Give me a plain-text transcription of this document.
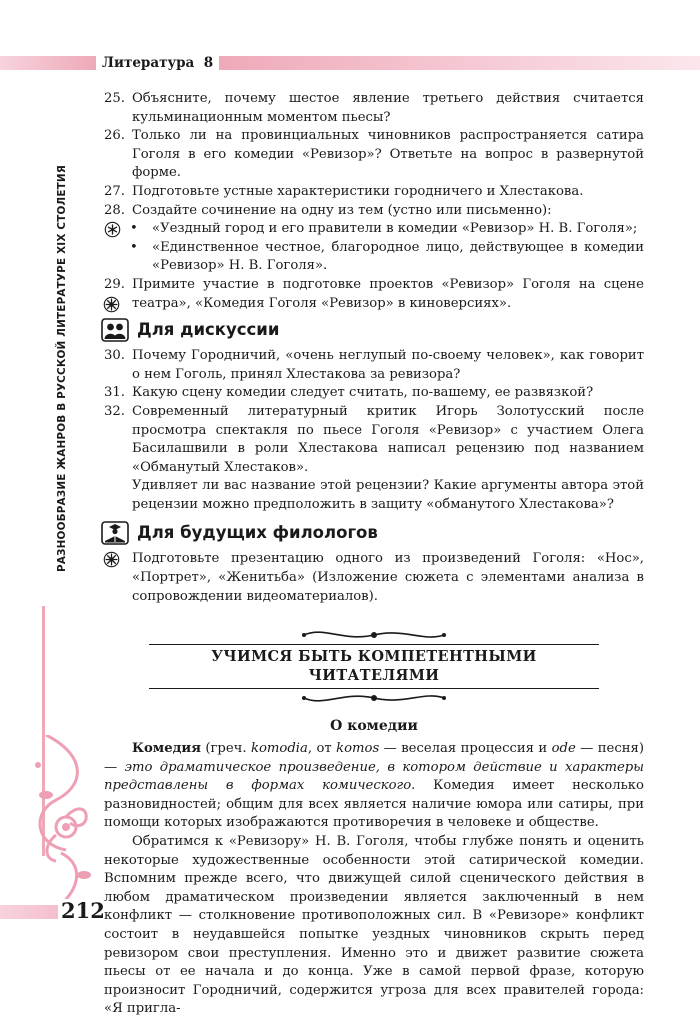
Литература 8
РАЗНООБРАЗИЕ ЖАНРОВ В РУССКОЙ ЛИТЕРАТУРЕ XIX СТОЛЕТИЯ
212
25. Объясните, почему шестое явление третьего действия считается кульминационным моментом пьесы?
26. Только ли на провинциальных чиновников распространяется сатира Гоголя в его комедии «Ревизор»? Ответьте на вопрос в развернутой форме.
27. Подготовьте устные характеристики городничего и Хлестакова.
28. Создайте сочинение на одну из тем (устно или письменно):
•	«Уездный город и его правители в комедии «Ревизор» Н. В. Гоголя»;
•	«Единственное честное, благородное лицо, действующее в комедии «Ревизор» Н. В. Гоголя».
29. Примите участие в подготовке проектов «Ревизор» Гоголя на сцене театра», «Комедия Гоголя «Ревизор» в киноверсиях».
Для дискуссии
30. Почему Городничий, «очень неглупый по-своему человек», как говорит о нем Гоголь, принял Хлестакова за ревизора?
31. Какую сцену комедии следует считать, по-вашему, ее развязкой?
32. Современный литературный критик Игорь Золотусский после просмотра спектакля по пьесе Гоголя «Ревизор» с участием Олега Басилашвили в роли Хлестакова написал рецензию под названием «Обманутый Хлестаков».
Удивляет ли вас название этой рецензии? Какие аргументы автора этой рецензии можно предположить в защиту «обманутого Хлестакова»?
Для будущих филологов
Подготовьте презентацию одного из произведений Гоголя: «Нос», «Портрет», «Женитьба» (Изложение сюжета с элементами анализа в сопровождении видеоматериалов).
УЧИМСЯ БЫТЬ КОМПЕТЕНТНЫМИ ЧИТАТЕЛЯМИ
О комедии
Комедия (греч. komodia, от komos — веселая процессия и ode — песня) — это драматическое произведение, в котором действие и характеры представлены в формах комического. Комедия имеет несколько разновидностей; общим для всех является наличие юмора или сатиры, при помощи которых изображаются противоречия в человеке и обществе.
Обратимся к «Ревизору» Н. В. Гоголя, чтобы глубже понять и оценить некоторые художественные особенности этой сатирической комедии. Вспомним прежде всего, что движущей силой сценического действия в любом драматическом произведении является заключенный в нем конфликт — столкновение противоположных сил. В «Ревизоре» конфликт состоит в неудавшейся попытке уездных чиновников скрыть перед ревизором свои преступления. Именно это и движет развитие сюжета пьесы от ее начала и до конца. Уже в самой первой фразе, которую произносит Городничий, содержится угроза для всех правителей города: «Я пригла-
